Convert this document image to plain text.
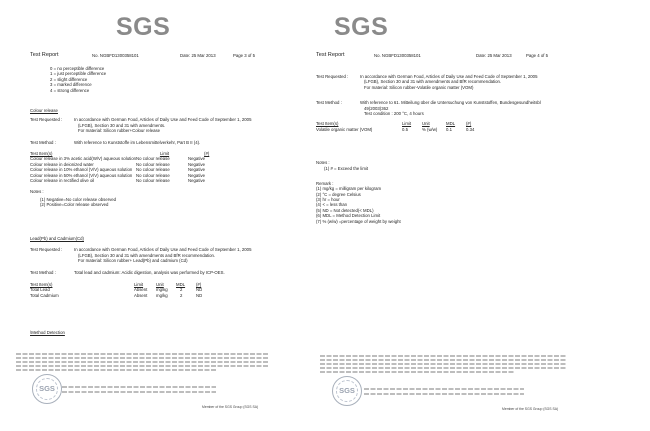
SGS
Test Report	No. NGBFD1300358101	Date: 25 Mar 2013	Page 3 of 5
0 = no perceptible difference
1 = just perceptible difference
2 = slight difference
3 = marked difference
4 = strong difference
Colour release
Test Requested :	In accordance with German Food, Articles of Daily Use and Feed Code of September 1, 2005
(LFGB), Section 30 and 31 with amendments.
For material: Silicon rubber+Colour release
Test Method :	With reference to Kunststoffe im Lebensmittelverkehr, Part B II (4).
Test Item(s)	Limit	(#)
Colour release in 3% acetic acid(W/V) aqueous solution	No colour release	Negative
Colour release in deionized water	No colour release	Negative
Colour release in 10% ethanol (V/V) aqueous solution	No colour release	Negative
Colour release in 50% ethanol (V/V) aqueous solution	No colour release	Negative
Colour release in rectified olive oil	No colour release	Negative
Notes :
(1) Negative=No color release observed
(2) Positive=Color release observed
Lead(Pb) and Cadmium(Cd)
Test Requested :	In accordance with German Food, Articles of Daily Use and Feed Code of September 1, 2005
(LFGB), Section 30 and 31 with amendments and BfR recommendation.
For material: Silicon rubber+ Lead(Pb) and cadmium (Cd)
Test Method :	Total lead and cadmium: Acidic digestion, analysis was performed by ICP-OES.
Test Item(s)	Limit	Unit	MDL	(#)
Total Lead	Absent	mg/kg	2	ND
Total Cadmium	Absent	mg/kg	2	ND
\Method Detection
SGS
Member of the SGS Group (SGS SA)
SGS
Test Report	No. NGBFD1300358101	Date: 25 Mar 2013	Page 4 of 5
Test Requested :	In accordance with German Food, Articles of Daily Use and Feed Code of September 1, 2005
(LFGB), Section 30 and 31 with amendments and BfR recommendation.
For material: Silicon rubber-Volatile organic matter (VOM)
Test Method :	With reference to 61. Mitteilung über die Untersuchung von Kunststoffen, Bundesgesundheitsbl
49(2003)362
Test condition : 200 °C, 4 hours
Test Item(s)	Limit	Unit	MDL	(#)
Volatile organic matter (VOM)	0.5	% (w/w)	0.1	0.34
Notes :
(1) # = Exceed the limit
Remark :
(1) mg/kg = milligram per kilogram
(2) °C = degree Celsius
(3) hr = hour
(4) < = less than
(5) ND = Not detected(< MDL)
(6) MDL = Method Detection Limit
(7) % (w/w) =percentage of weight by weight
SGS
Member of the SGS Group (SGS SA)
